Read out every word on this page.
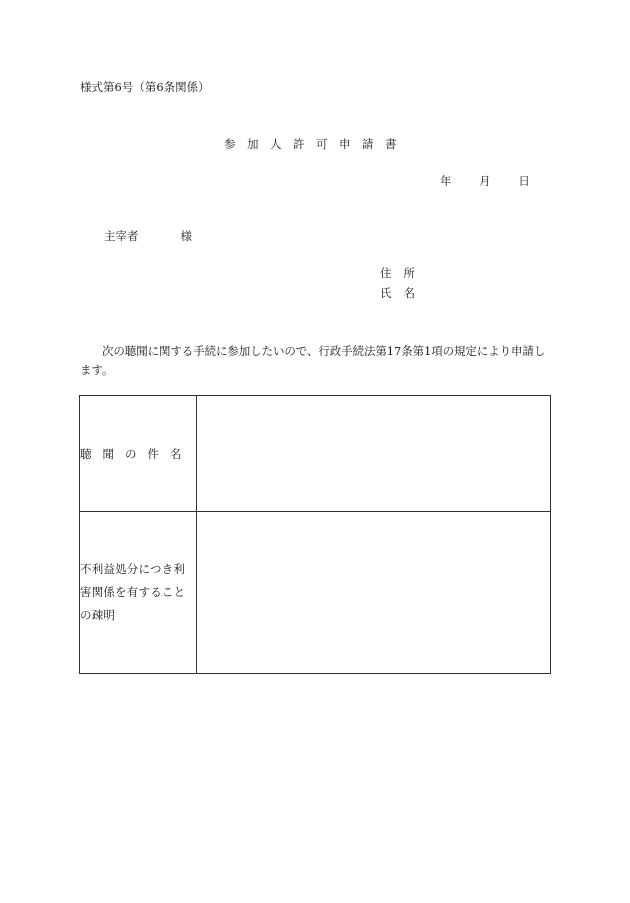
様式第6号（第6条関係）
参加人許可申請書
年 月 日
主宰者	様
住所
氏名
次の聴聞に関する手続に参加したいので、行政手続法第17条第1項の規定により申請します。
聴聞の件名	

不利益処分につき利害関係を有することの疎明	
